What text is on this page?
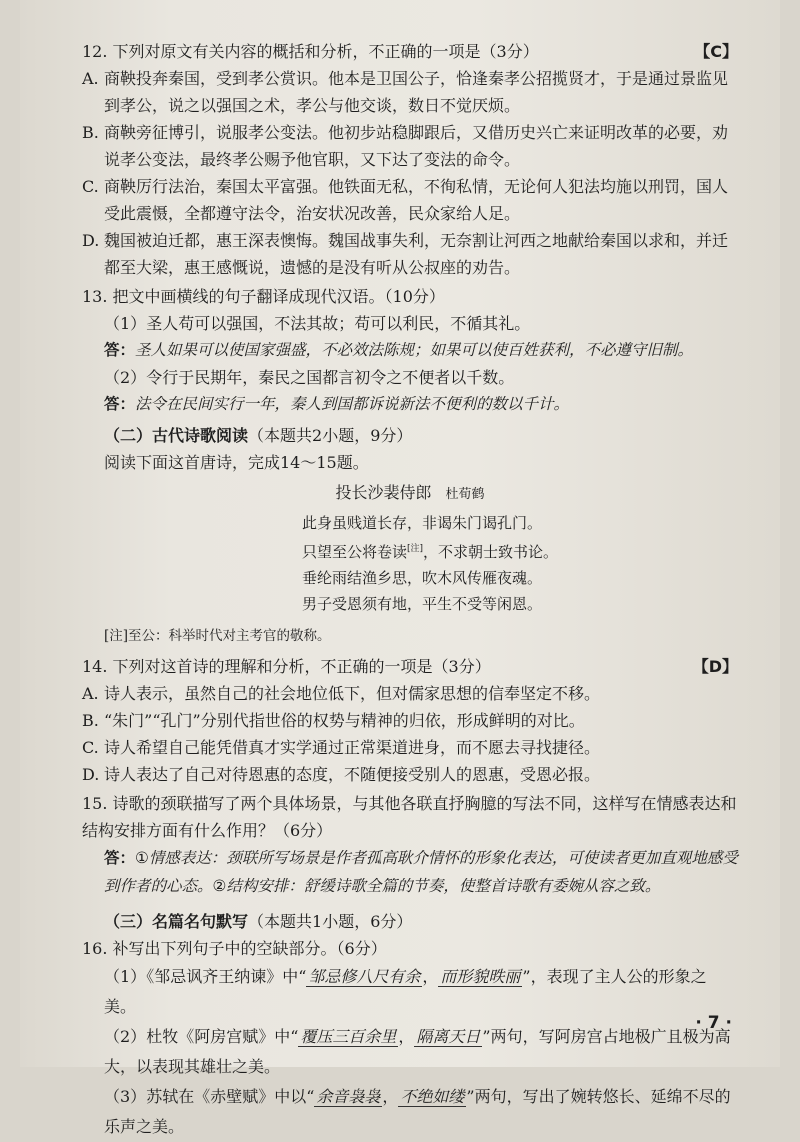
12. 下列对原文有关内容的概括和分析，不正确的一项是（3分）	【C】

A. 商鞅投奔秦国，受到孝公赏识。他本是卫国公子，恰逢秦孝公招揽贤才，于是通过景监见到孝公，说之以强国之术，孝公与他交谈，数日不觉厌烦。

B. 商鞅旁征博引，说服孝公变法。他初步站稳脚跟后，又借历史兴亡来证明改革的必要，劝说孝公变法，最终孝公赐予他官职，又下达了变法的命令。

C. 商鞅厉行法治，秦国太平富强。他铁面无私，不徇私情，无论何人犯法均施以刑罚，国人受此震慑，全都遵守法令，治安状况改善，民众家给人足。

D. 魏国被迫迁都，惠王深表懊悔。魏国战事失利，无奈割让河西之地献给秦国以求和，并迁都至大梁，惠王感慨说，遗憾的是没有听从公叔座的劝告。

13. 把文中画横线的句子翻译成现代汉语。（10分）

（1）圣人苟可以强国，不法其故；苟可以利民，不循其礼。

答：圣人如果可以使国家强盛，不必效法陈规；如果可以使百姓获利，不必遵守旧制。

（2）令行于民期年，秦民之国都言初令之不便者以千数。

答：法令在民间实行一年，秦人到国都诉说新法不便利的数以千计。

（二）古代诗歌阅读（本题共2小题，9分）

阅读下面这首唐诗，完成14～15题。

投长沙裴侍郎 杜荀鹤

此身虽贱道长存，非谒朱门谒孔门。

只望至公将卷读[注]，不求朝士致书论。

垂纶雨结渔乡思，吹木风传雁夜魂。

男子受恩须有地，平生不受等闲恩。

[注]至公：科举时代对主考官的敬称。

14. 下列对这首诗的理解和分析，不正确的一项是（3分）	【D】

A. 诗人表示，虽然自己的社会地位低下，但对儒家思想的信奉坚定不移。

B. “朱门”“孔门”分别代指世俗的权势与精神的归依，形成鲜明的对比。

C. 诗人希望自己能凭借真才实学通过正常渠道进身，而不愿去寻找捷径。

D. 诗人表达了自己对待恩惠的态度，不随便接受别人的恩惠，受恩必报。

15. 诗歌的颈联描写了两个具体场景，与其他各联直抒胸臆的写法不同，这样写在情感表达和结构安排方面有什么作用？（6分）

答：①情感表达：颈联所写场景是作者孤高耿介情怀的形象化表达，可使读者更加直观地感受到作者的心态。②结构安排：舒缓诗歌全篇的节奏，使整首诗歌有委婉从容之致。

（三）名篇名句默写（本题共1小题，6分）

16. 补写出下列句子中的空缺部分。（6分）

（1）《邹忌讽齐王纳谏》中“ 邹忌修八尺有余 ， 而形貌昳丽 ”，表现了主人公的形象之美。

（2）杜牧《阿房宫赋》中“ 覆压三百余里 ， 隔离天日 ”两句，写阿房宫占地极广且极为高大，以表现其雄壮之美。

（3）苏轼在《赤壁赋》中以“ 余音袅袅 ， 不绝如缕 ”两句，写出了婉转悠长、延绵不尽的乐声之美。

· 7 ·
